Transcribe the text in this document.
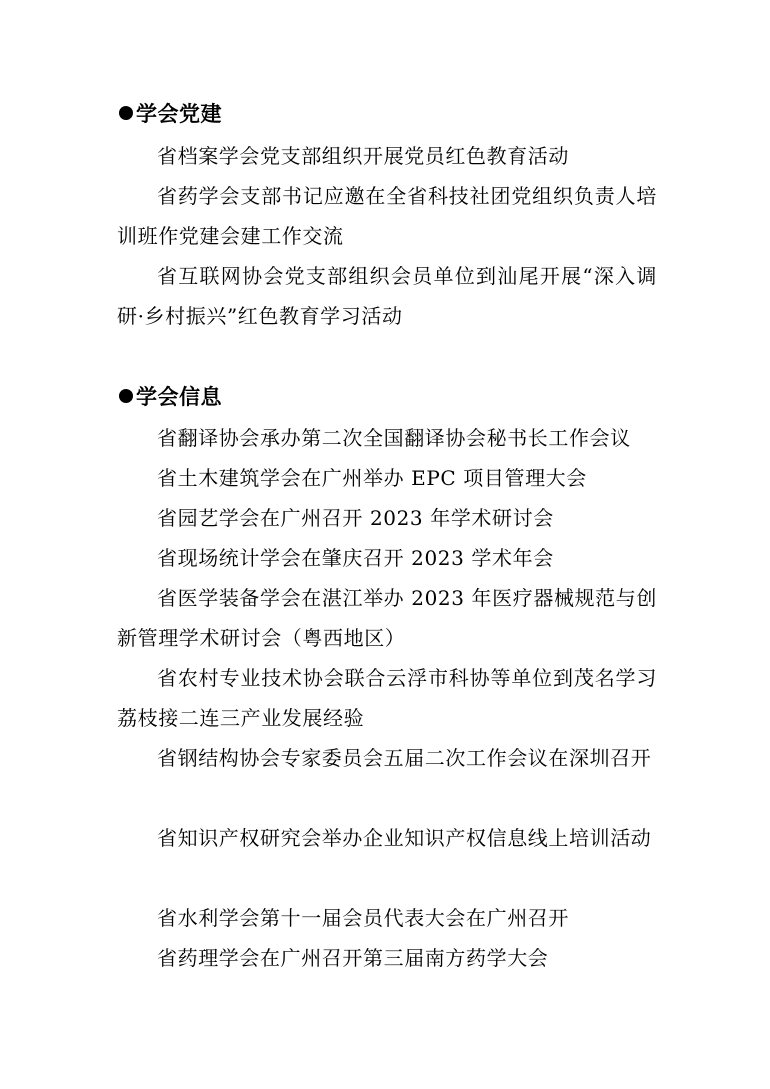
学会党建
省档案学会党支部组织开展党员红色教育活动
省药学会支部书记应邀在全省科技社团党组织负责人培训班作党建会建工作交流
省互联网协会党支部组织会员单位到汕尾开展“深入调研·乡村振兴”红色教育学习活动
学会信息
省翻译协会承办第二次全国翻译协会秘书长工作会议
省土木建筑学会在广州举办 EPC 项目管理大会
省园艺学会在广州召开 2023 年学术研讨会
省现场统计学会在肇庆召开 2023 学术年会
省医学装备学会在湛江举办 2023 年医疗器械规范与创新管理学术研讨会（粤西地区）
省农村专业技术协会联合云浮市科协等单位到茂名学习荔枝接二连三产业发展经验
省钢结构协会专家委员会五届二次工作会议在深圳召开
省知识产权研究会举办企业知识产权信息线上培训活动
省水利学会第十一届会员代表大会在广州召开
省药理学会在广州召开第三届南方药学大会
